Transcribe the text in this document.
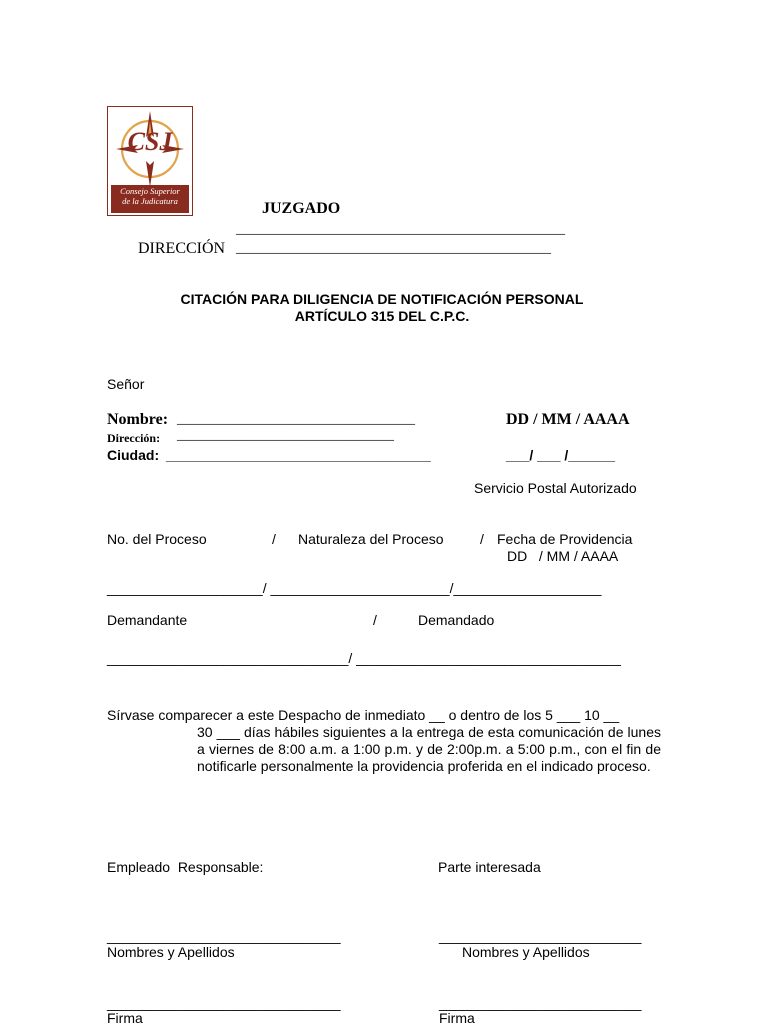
CSJ
Consejo Superior
de la Judicatura	JUZGADO
_______________________________________________
DIRECCIÓN _____________________________________________
CITACIÓN PARA DILIGENCIA DE NOTIFICACIÓN PERSONAL
ARTÍCULO 315 DEL C.P.C.
Señor
Nombre: __________________________________
Dirección: _______________________________
Ciudad: __________________________________
DD / MM / AAAA
___/ ___ /______
Servicio Postal Autorizado
No. del Proceso	/ Naturaleza del Proceso	/ Fecha de Providencia
DD   / MM / AAAA
____________________/ _______________________/___________________
Demandante	/	Demandado
_______________________________/ __________________________________
Sírvase comparecer a este Despacho de inmediato __ o dentro de los 5 ___ 10 __
30 ___ días hábiles siguientes a la entrega de esta comunicación de lunes a viernes de 8:00 a.m. a 1:00 p.m. y de 2:00p.m. a 5:00 p.m., con el fin de notificarle personalmente la providencia proferida en el indicado proceso.
Empleado  Responsable:	Parte interesada
______________________________	__________________________
Nombres y Apellidos	Nombres y Apellidos
______________________________	__________________________
Firma	Firma
